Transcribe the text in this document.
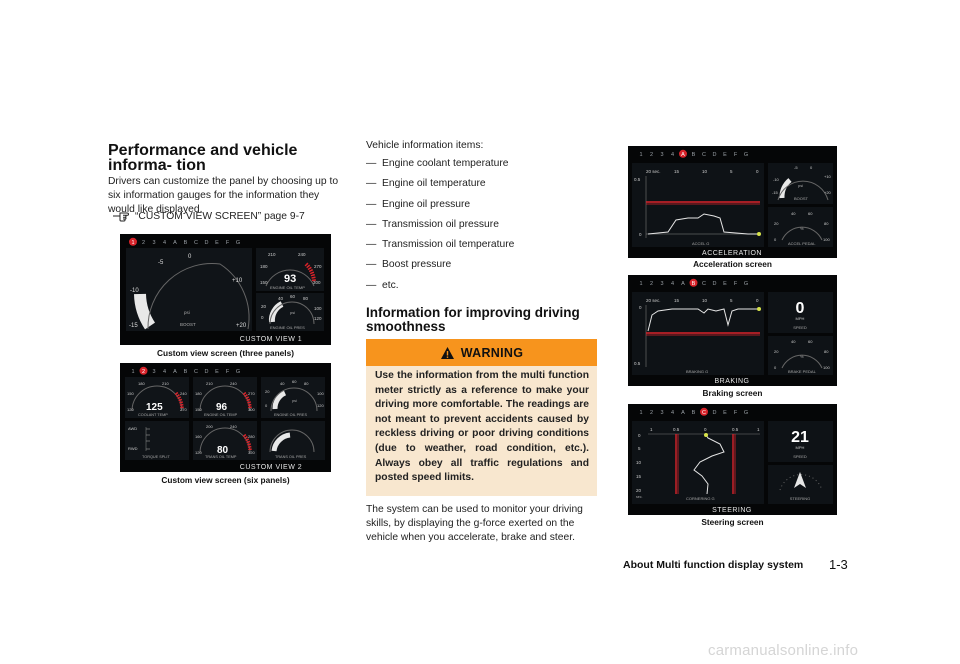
Performance and vehicle informa- tion

Drivers can customize the panel by choosing up to six information gauges for the information they would like displayed.

“CUSTOM VIEW SCREEN” page 9-7
1 2 3 4 A B C D E F G
0
-5
-10
+10
-15	+20
psi
BOOST
93
210	240
180	270
150	300
ENGINE OIL TEMP
40 60 80
20	100
0	120
psi
ENGINE OIL PRES
CUSTOM VIEW 1
Custom view screen (three panels)
1 2 3 4 A B C D E F G
125
180	210
150	240
120	270
COOLANT TEMP
96
210	240
180	270
150	300
ENGINE OIL TEMP
40 60 80
20	100
0	120
psi
ENGINE OIL PRES
AWD
RWD
TORQUE SPLIT
80
200	240
160	280
120	320
TRANS OIL TEMP	TRANS OIL PRES
CUSTOM VIEW 2
Custom view screen (six panels)

Vehicle information items:

— Engine coolant temperature
— Engine oil temperature
— Engine oil pressure
— Transmission oil pressure
— Transmission oil temperature
— Boost pressure
— etc.
Information for improving driving smoothness
WARNING
Use the information from the multi function meter strictly as a reference to make your driving more comfortable. The readings are not meant to prevent accidents caused by reckless driving or poor driving conditions (due to weather, road condition, etc.). Always obey all traffic regulations and posted speed limits.

The system can be used to monitor your driving skills, by displaying the g-force exerted on the vehicle when you accelerate, brake and steer.

1 2 3 4 A B C D E F G
20 sec.	15	10	5	0
0.5
0
ACCEL G
-5	0
+10
-10
-15	+20
psi
BOOST
40	60
20	80
0	100
%
ACCEL PEDAL
ACCELERATION
Acceleration screen
1 2 3 4 A B C D E F G
20 sec.	15	10	5	0
0
0.5
BRAKING G
0
MPH
SPEED
40	60
20	80
0	100
%
BRAKE PEDAL
BRAKING
Braking screen
1 2 3 4 A B C D E F G
1	0.5	0	0.5	1
0
5
10
15
20
sec.	CORNERING G
21
MPH
SPEED
STEERING
STEERING
Steering screen
About Multi function display system 1-3
carmanualsonline.info
